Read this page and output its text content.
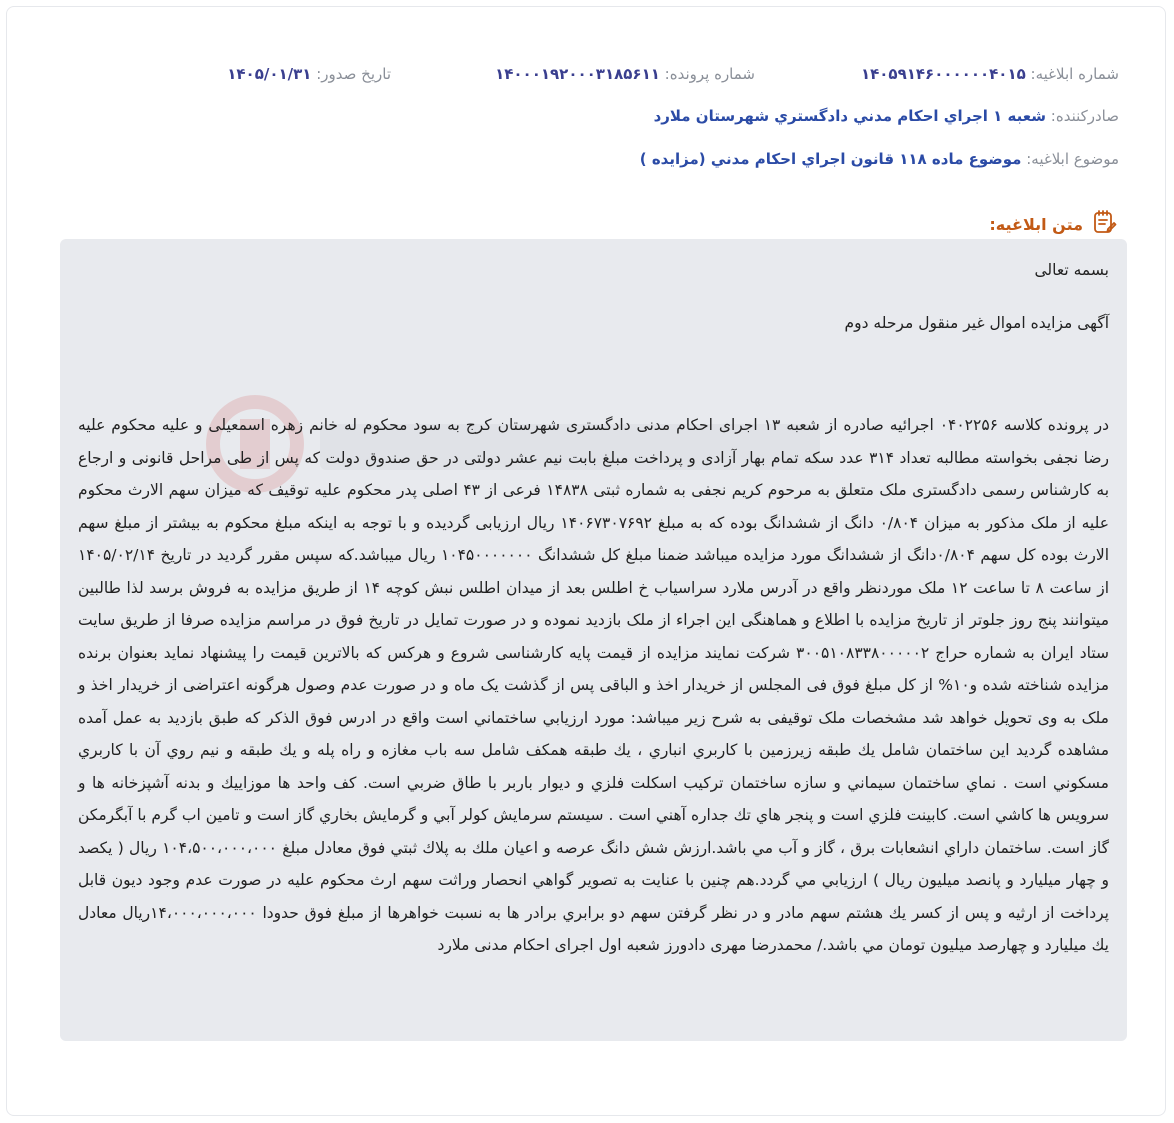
شماره ابلاغیه: ۱۴۰۵۹۱۴۶۰۰۰۰۰۰۴۰۱۵
شماره پرونده: ۱۴۰۰۰۱۹۲۰۰۰۳۱۸۵۶۱۱
تاریخ صدور: ۱۴۰۵/۰۱/۳۱
صادرکننده: شعبه ۱ اجراي احكام مدني دادگستري شهرستان ملارد
موضوع ابلاغیه: موضوع ماده ۱۱۸ قانون اجراي احكام مدني (مزايده )
متن ابلاغیه:
بسمه تعالی
آگهی مزایده اموال غیر منقول مرحله دوم
در پرونده کلاسه ۰۴۰۲۲۵۶ اجرائیه صادره از شعبه ۱۳ اجرای احکام مدنی دادگستری شهرستان کرج به سود محکوم له خانم زهره اسمعیلی و علیه محکوم علیه رضا نجفی بخواسته مطالبه تعداد ۳۱۴ عدد سکه تمام بهار آزادی و پرداخت مبلغ بابت نیم عشر دولتی در حق صندوق دولت که پس از طی مراحل قانونی و ارجاع به کارشناس رسمی دادگستری ملک متعلق به مرحوم کریم نجفی به شماره ثبتی ۱۴۸۳۸ فرعی از ۴۳ اصلی پدر محکوم علیه توقیف که میزان سهم الارث محکوم علیه از ملک مذکور به میزان ۰/۸۰۴ دانگ از ششدانگ بوده که به مبلغ ۱۴۰۶۷۳۰۷۶۹۲ ریال ارزیابی گردیده و با توجه به اینکه مبلغ محکوم به بیشتر از مبلغ سهم الارث بوده کل سهم ۰/۸۰۴دانگ از ششدانگ مورد مزایده میباشد ضمنا مبلغ کل ششدانگ ۱۰۴۵۰۰۰۰۰۰۰ ریال میباشد.که سپس مقرر گردید در تاریخ ۱۴۰۵/۰۲/۱۴ از ساعت ۸ تا ساعت ۱۲ ملک موردنظر واقع در آدرس ملارد سراسیاب خ اطلس بعد از میدان اطلس نبش کوچه ۱۴ از طریق مزایده به فروش برسد لذا طالبین میتوانند پنج روز جلوتر از تاریخ مزایده با اطلاع و هماهنگی این اجراء از ملک بازدید نموده و در صورت تمایل در تاریخ فوق در مراسم مزایده صرفا از طریق سایت ستاد ایران به شماره حراج ۳۰۰۵۱۰۸۳۳۸۰۰۰۰۰۲ شرکت نمایند مزایده از قیمت پایه کارشناسی شروع و هرکس که بالاترین قیمت را پیشنهاد نماید بعنوان برنده مزایده شناخته شده و۱۰% از کل مبلغ فوق فی المجلس از خریدار اخذ و الباقی پس از گذشت یک ماه و در صورت عدم وصول هرگونه اعتراضی از خریدار اخذ و ملک به وی تحویل خواهد شد مشخصات ملک توقیفی به شرح زیر میباشد: مورد ارزيابي ساختماني است واقع در ادرس فوق الذکر كه طبق بازديد به عمل آمده مشاهده گرديد اين ساختمان شامل يك طبقه زيرزمين با كاربري انباري ، يك طبقه همكف شامل سه باب مغازه و راه پله و يك طبقه و نيم روي آن با كاربري مسكوني است . نماي ساختمان سيماني و سازه ساختمان تركيب اسكلت فلزي و ديوار باربر با طاق ضربي است. كف واحد ها موزاييك و بدنه آشپزخانه ها و سرويس ها كاشي است. كابينت فلزي است و پنجر هاي تك جداره آهني است . سيستم سرمايش كولر آبي و گرمايش بخاري گاز است و تامين اب گرم با آبگرمكن گاز است. ساختمان داراي انشعابات برق ، گاز و آب مي باشد.ارزش شش دانگ عرصه و اعيان ملك به پلاك ثبتي فوق معادل مبلغ ۱۰۴،۵۰۰،۰۰۰،۰۰۰ ريال ( يكصد و چهار ميليارد و پانصد ميليون ريال ) ارزيابي مي گردد.هم چنين با عنايت به تصوير گواهي انحصار وراثت سهم ارث محكوم عليه در صورت عدم وجود ديون قابل پرداخت از ارثيه و پس از كسر يك هشتم سهم مادر و در نظر گرفتن سهم دو برابري برادر ها به نسبت خواهرها از مبلغ فوق حدودا ۱۴،۰۰۰،۰۰۰،۰۰۰ريال معادل يك ميليارد و چهارصد ميليون تومان مي باشد./ محمدرضا مهری دادورز شعبه اول اجرای احکام مدنی ملارد
